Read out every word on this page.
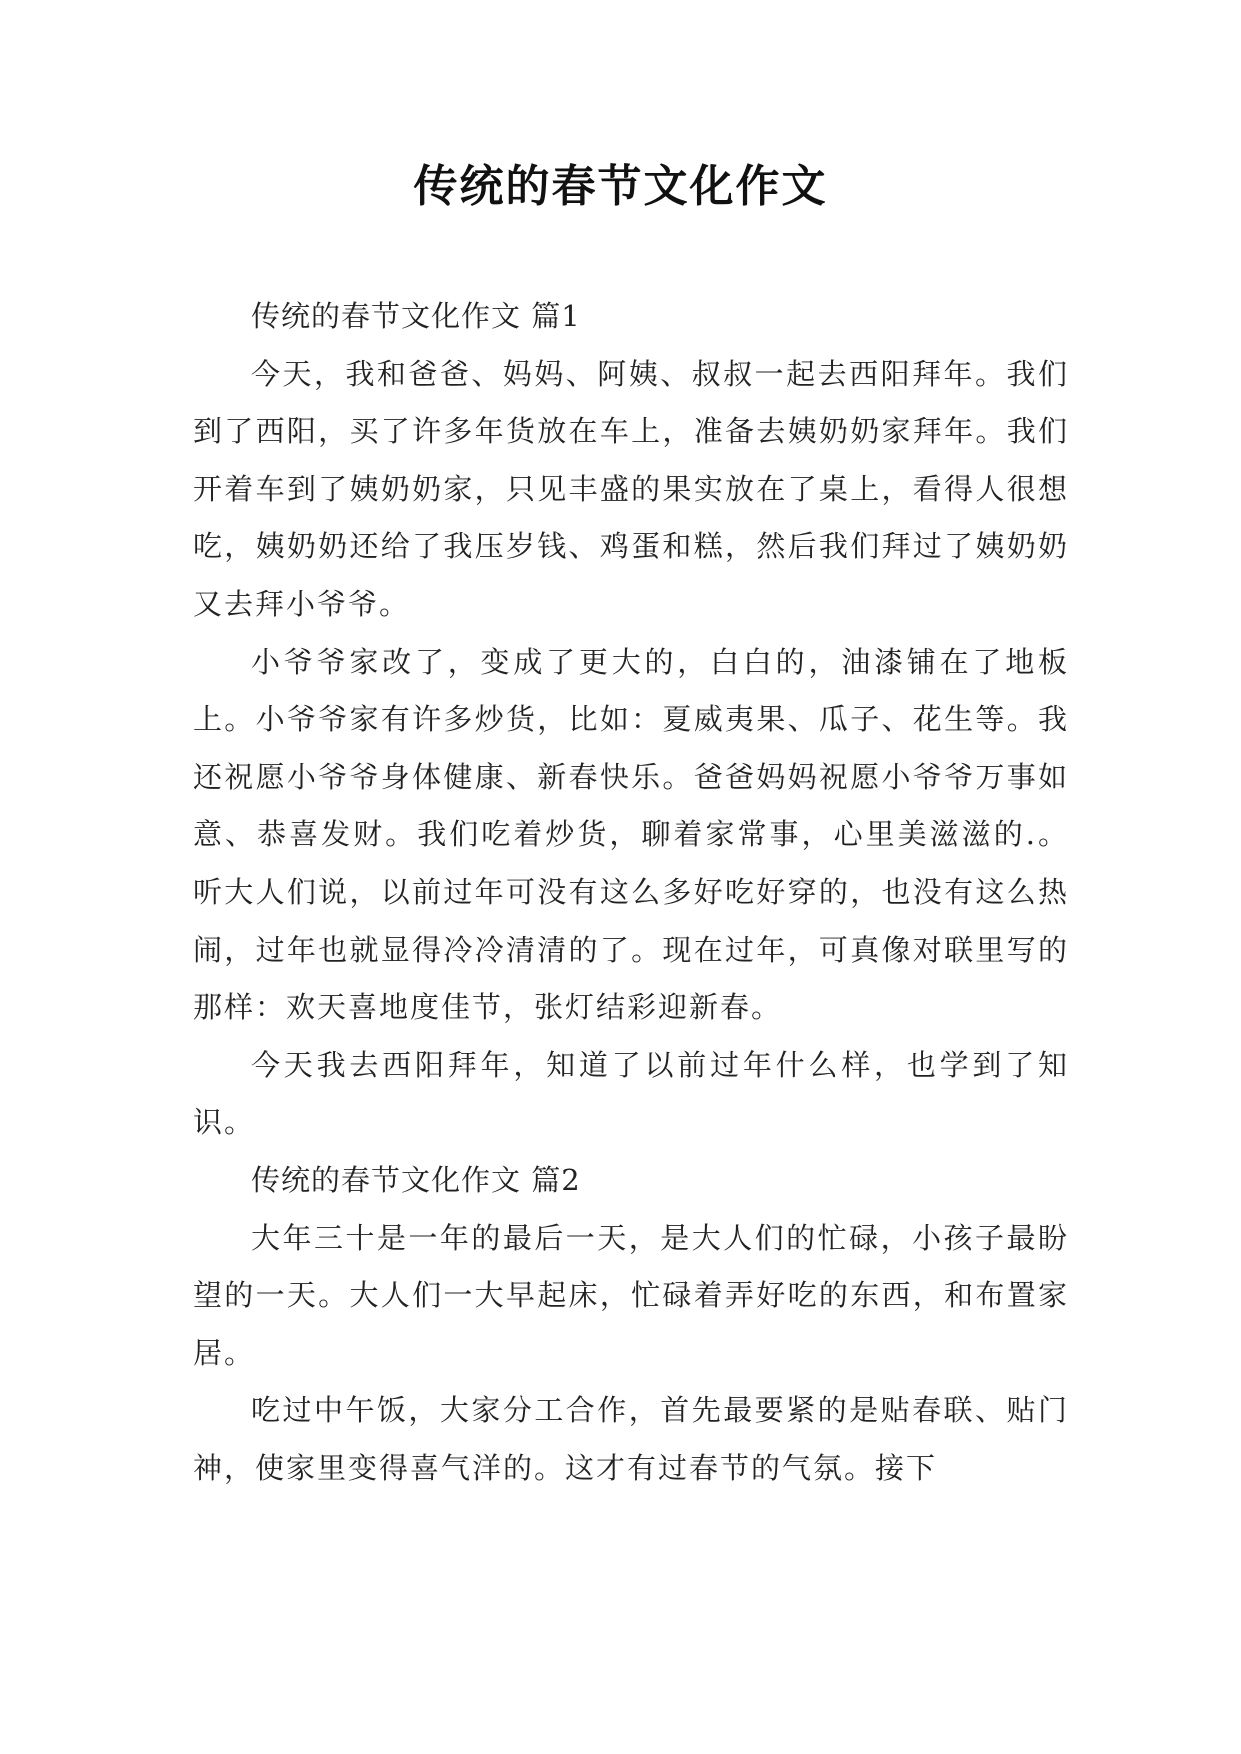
传统的春节文化作文

传统的春节文化作文 篇1

今天，我和爸爸、妈妈、阿姨、叔叔一起去西阳拜年。我们到了西阳，买了许多年货放在车上，准备去姨奶奶家拜年。我们开着车到了姨奶奶家，只见丰盛的果实放在了桌上，看得人很想吃，姨奶奶还给了我压岁钱、鸡蛋和糕，然后我们拜过了姨奶奶又去拜小爷爷。

小爷爷家改了，变成了更大的，白白的，油漆铺在了地板上。小爷爷家有许多炒货，比如：夏威夷果、瓜子、花生等。我还祝愿小爷爷身体健康、新春快乐。爸爸妈妈祝愿小爷爷万事如意、恭喜发财。我们吃着炒货，聊着家常事，心里美滋滋的.。听大人们说，以前过年可没有这么多好吃好穿的，也没有这么热闹，过年也就显得冷冷清清的了。现在过年，可真像对联里写的那样：欢天喜地度佳节，张灯结彩迎新春。

今天我去西阳拜年，知道了以前过年什么样，也学到了知识。

传统的春节文化作文 篇2

大年三十是一年的最后一天，是大人们的忙碌，小孩子最盼望的一天。大人们一大早起床，忙碌着弄好吃的东西，和布置家居。

吃过中午饭，大家分工合作，首先最要紧的是贴春联、贴门神，使家里变得喜气洋的。这才有过春节的气氛。接下
